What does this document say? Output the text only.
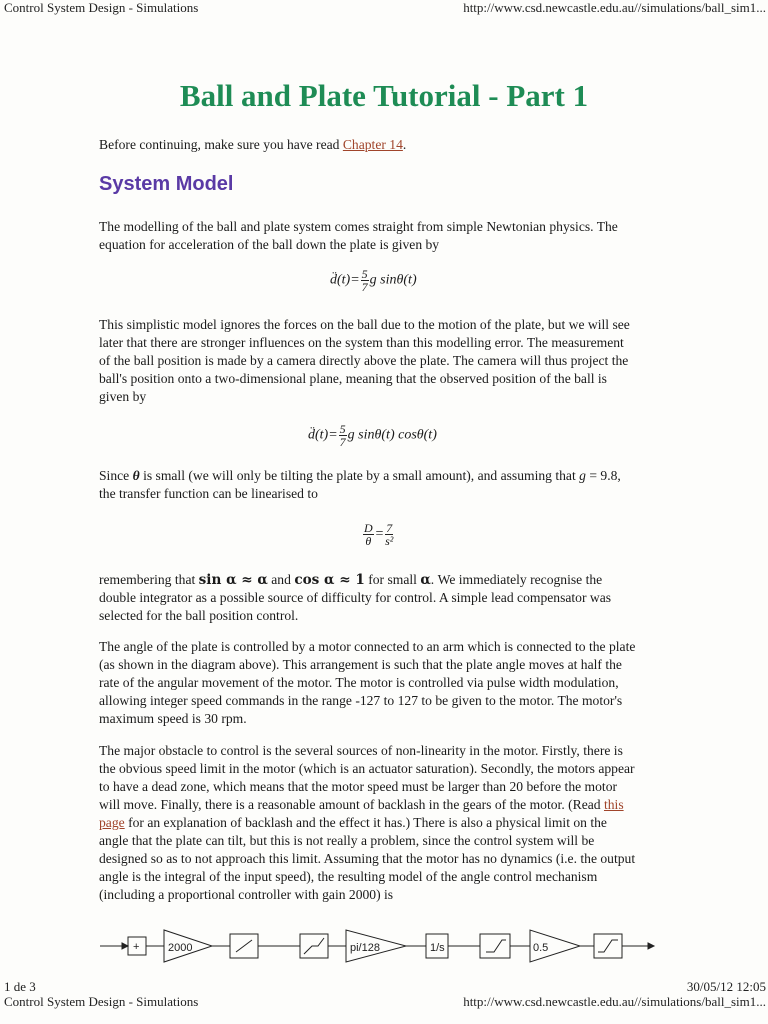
Control System Design - Simulations	http://www.csd.newcastle.edu.au//simulations/ball_sim1...
Ball and Plate Tutorial - Part 1
Before continuing, make sure you have read Chapter 14.
System Model
The modelling of the ball and plate system comes straight from simple Newtonian physics. The equation for acceleration of the ball down the plate is given by
d̈(t)= $\frac{5}{7}$ g sinθ(t)
This simplistic model ignores the forces on the ball due to the motion of the plate, but we will see later that there are stronger influences on the system than this modelling error. The measurement of the ball position is made by a camera directly above the plate. The camera will thus project the ball's position onto a two-dimensional plane, meaning that the observed position of the ball is given by
d̈(t)= $\frac{5}{7}$ g sinθ(t) cosθ(t)
Since θ is small (we will only be tilting the plate by a small amount), and assuming that g = 9.8, the transfer function can be linearised to
$\frac{D}{\theta} = \frac{7}{\text{s²}}$
remembering that sin α ≈ α and cos α ≈ 1 for small α. We immediately recognise the double integrator as a possible source of difficulty for control. A simple lead compensator was selected for the ball position control.
The angle of the plate is controlled by a motor connected to an arm which is connected to the plate (as shown in the diagram above). This arrangement is such that the plate angle moves at half the rate of the angular movement of the motor. The motor is controlled via pulse width modulation, allowing integer speed commands in the range -127 to 127 to be given to the motor. The motor's maximum speed is 30 rpm.
The major obstacle to control is the several sources of non-linearity in the motor. Firstly, there is the obvious speed limit in the motor (which is an actuator saturation). Secondly, the motors appear to have a dead zone, which means that the motor speed must be larger than 20 before the motor will move. Finally, there is a reasonable amount of backlash in the gears of the motor. (Read this page for an explanation of backlash and the effect it has.) There is also a physical limit on the angle that the plate can tilt, but this is not really a problem, since the control system will be designed so as to not approach this limit. Assuming that the motor has no dynamics (i.e. the output angle is the integral of the input speed), the resulting model of the angle control mechanism (including a proportional controller with gain 2000) is
+	2000	pi/128	1/s	0.5
1 de 3	30/05/12 12:05
Control System Design - Simulations	http://www.csd.newcastle.edu.au//simulations/ball_sim1...
